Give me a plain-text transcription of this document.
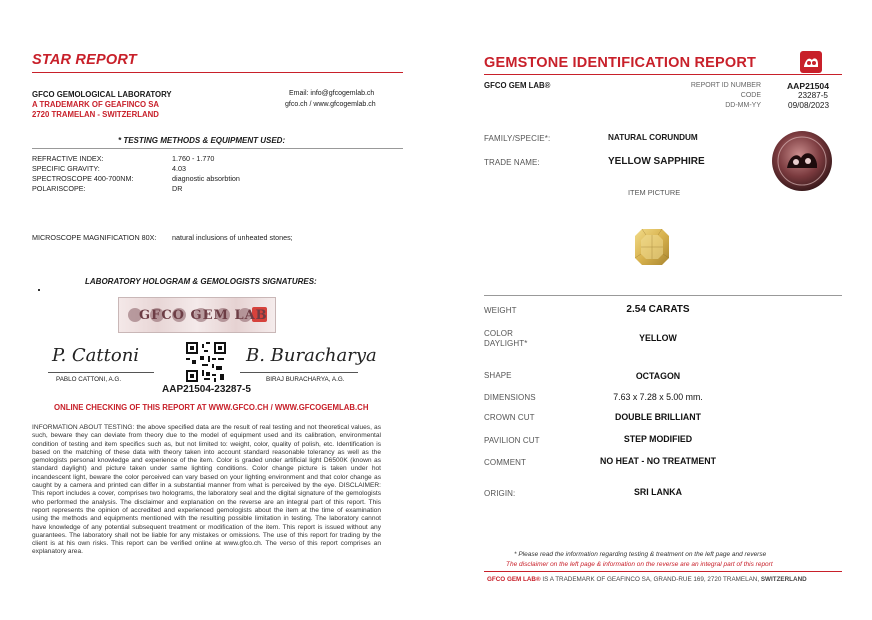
STAR REPORT
GFCO GEMOLOGICAL LABORATORY
A TRADEMARK OF GEAFINCO SA
2720 TRAMELAN - SWITZERLAND
Email: info@gfcogemlab.ch
gfco.ch / www.gfcogemlab.ch
* TESTING METHODS & EQUIPMENT USED:
REFRACTIVE INDEX:	1.760 - 1.770
SPECIFIC GRAVITY:	4.03
SPECTROSCOPE 400-700NM:	diagnostic absorbtion
POLARISCOPE:	DR
MICROSCOPE MAGNIFICATION 80X: natural inclusions of unheated stones;
LABORATORY HOLOGRAM & GEMOLOGISTS SIGNATURES:
GFCO GEM LAB
P. Cattoni
PABLO CATTONI, A.G.
B. Buracharya
BIRAJ BURACHARYA, A.G.
AAP21504-23287-5
ONLINE CHECKING OF THIS REPORT AT WWW.GFCO.CH / WWW.GFCOGEMLAB.CH
INFORMATION ABOUT TESTING: the above specified data are the result of real testing and not theoretical values, as such, beware they can deviate from theory due to the model of equipment used and its calibration, environmental condition of testing and item specifics such as, but not limited to: weight, color, quality of polish, etc. Identification is based on the matching of these data with theory taken into account standard reasonable tolerancy as well as the gemologists personal knowledge and experience of the item. Color is graded under artificial light D6500K (known as standard daylight) and picture taken under same lighting conditions. Color change picture is taken under hot incandescent light, beware the color perceived can vary based on your lighting environment and that color change as caught by a camera and printed can differ in a substantial manner from what is perceived by the eye. DISCLAIMER: This report includes a cover, comprises two holograms, the laboratory seal and the digital signature of the gemologists who performed the analysis. The disclaimer and explanation on the reverse are an integral part of this report. This report represents the opinion of accredited and experienced gemologists about the item at the time of examination using the methods and equipments mentioned with the resulting possible limitation in testing. The laboratory cannot have knowledge of any potential subsequent treatment or modification of the item. This report is issued without any guarantees. The laboratory shall not be liable for any mistakes or omissions. The use of this report for trading by the client is at his own risks. This report can be verified online at www.gfco.ch. The verso of this report comprises an explanatory area.
GEMSTONE IDENTIFICATION REPORT
GFCO GEM LAB®	REPORT ID NUMBER	AAP21504
CODE	23287-5
DD-MM-YY	09/08/2023
FAMILY/SPECIE*:	NATURAL CORUNDUM
TRADE NAME:	YELLOW SAPPHIRE
ITEM PICTURE
WEIGHT	2.54 CARATS
COLOR
DAYLIGHT*
YELLOW
SHAPE	OCTAGON
DIMENSIONS	7.63 x 7.28 x 5.00 mm.
CROWN CUT	DOUBLE BRILLIANT
PAVILION CUT	STEP MODIFIED
COMMENT	NO HEAT - NO TREATMENT
ORIGIN:	SRI LANKA
* Please read the information regarding testing & treatment on the left page and reverse
The disclaimer on the left page & information on the reverse are an integral part of this report
GFCO GEM LAB® IS A TRADEMARK OF GEAFINCO SA, GRAND-RUE 169, 2720 TRAMELAN, SWITZERLAND
